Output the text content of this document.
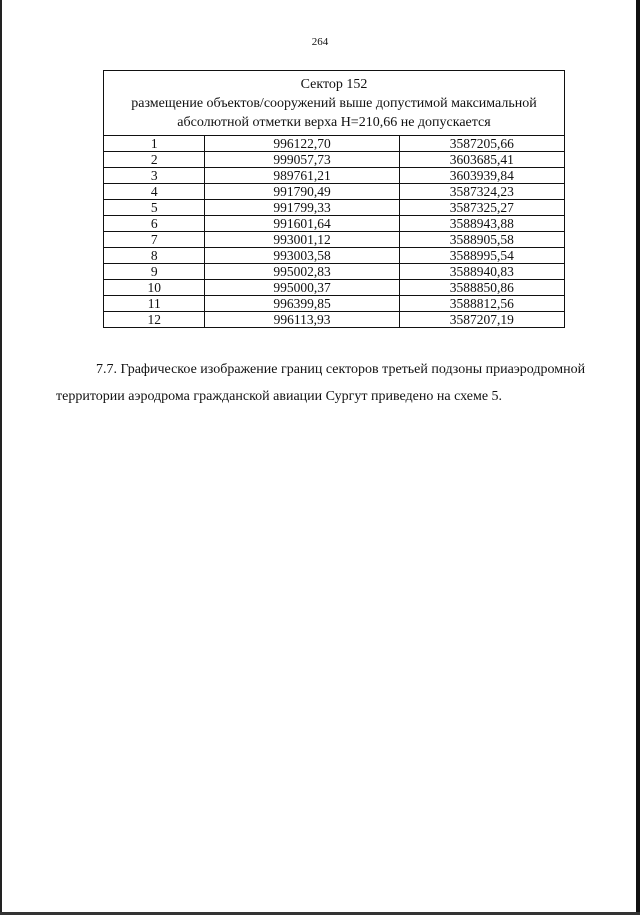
264
Сектор 152
размещение объектов/сооружений выше допустимой максимальной
абсолютной отметки верха H=210,66 не допускается		

1	996122,70	3587205,66
2	999057,73	3603685,41
3	989761,21	3603939,84
4	991790,49	3587324,23
5	991799,33	3587325,27
6	991601,64	3588943,88
7	993001,12	3588905,58
8	993003,58	3588995,54
9	995002,83	3588940,83
10	995000,37	3588850,86
11	996399,85	3588812,56
12	996113,93	3587207,19
7.7. Графическое изображение границ секторов третьей подзоны приаэродромной
территории аэродрома гражданской авиации Сургут приведено на схеме 5.
